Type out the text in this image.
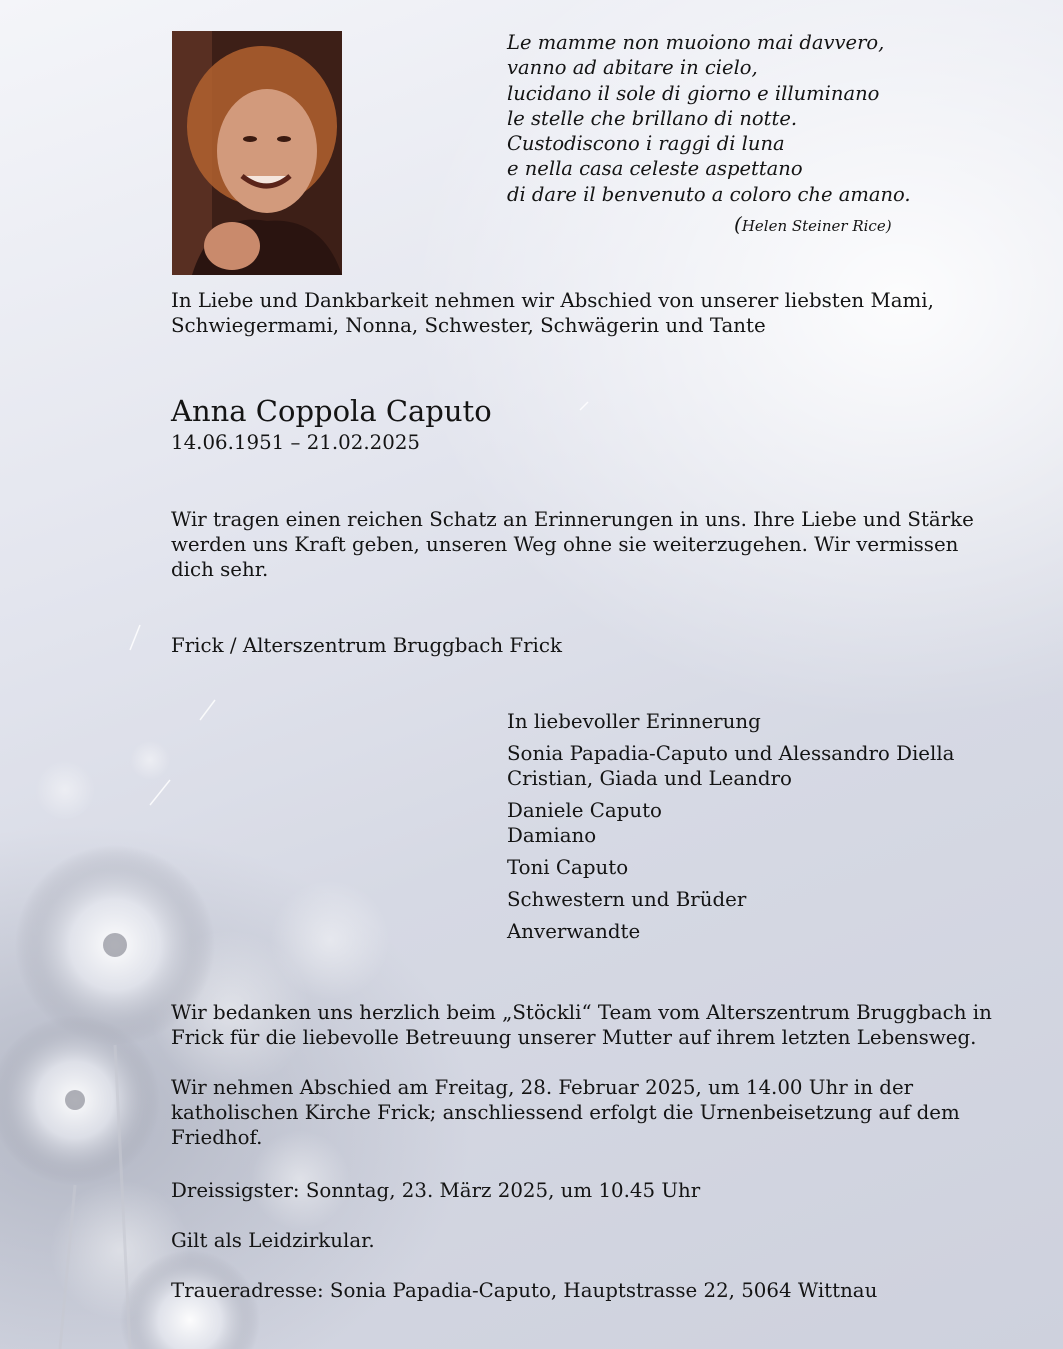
Le mamme non muoiono mai davvero,
vanno ad abitare in cielo,
lucidano il sole di giorno e illuminano
le stelle che brillano di notte.
Custodiscono i raggi di luna
e nella casa celeste aspettano
di dare il benvenuto a coloro che amano.
(Helen Steiner Rice)
In Liebe und Dankbarkeit nehmen wir Abschied von unserer liebsten Mami, Schwiegermami, Nonna, Schwester, Schwägerin und Tante
Anna Coppola Caputo
14.06.1951 – 21.02.2025
Wir tragen einen reichen Schatz an Erinnerungen in uns. Ihre Liebe und Stärke werden uns Kraft geben, unseren Weg ohne sie weiterzugehen. Wir vermissen dich sehr.
Frick / Alterszentrum Bruggbach Frick
In liebevoller Erinnerung
Sonia Papadia-Caputo und Alessandro Diella
Cristian, Giada und Leandro
Daniele Caputo
Damiano
Toni Caputo
Schwestern und Brüder
Anverwandte
Wir bedanken uns herzlich beim „Stöckli“ Team vom Alterszentrum Bruggbach in Frick für die liebevolle Betreuung unserer Mutter auf ihrem letzten Lebensweg.
Wir nehmen Abschied am Freitag, 28. Februar 2025, um 14.00 Uhr in der katholischen Kirche Frick; anschliessend erfolgt die Urnenbeisetzung auf dem Friedhof.
Dreissigster: Sonntag, 23. März 2025, um 10.45 Uhr
Gilt als Leidzirkular.
Traueradresse: Sonia Papadia-Caputo, Hauptstrasse 22, 5064 Wittnau
